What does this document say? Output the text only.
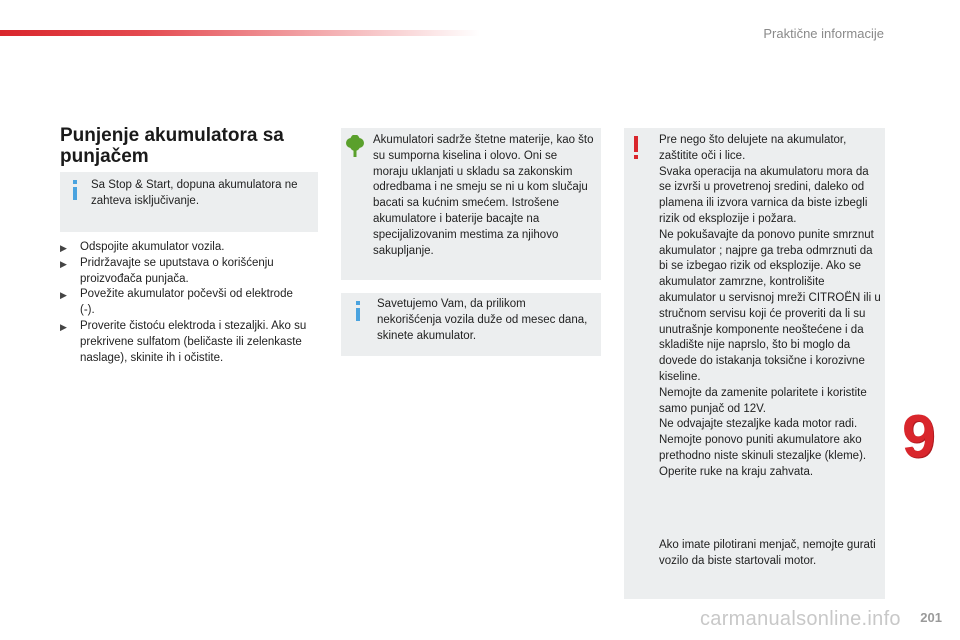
Praktične informacije
Punjenje akumulatora sa punjačem
Sa Stop & Start, dopuna akumulatora ne zahteva isključivanje.
▶ Odspojite akumulator vozila.
▶ Pridržavajte se uputstava o korišćenju proizvođača punjača.
▶ Povežite akumulator počevši od elektrode (-).
▶ Proverite čistoću elektroda i stezaljki. Ako su prekrivene sulfatom (beličaste ili zelenkaste naslage), skinite ih i očistite.
Akumulatori sadrže štetne materije, kao što su sumporna kiselina i olovo. Oni se moraju uklanjati u skladu sa zakonskim odredbama i ne smeju se ni u kom slučaju bacati sa kućnim smećem. Istrošene akumulatore i baterije bacajte na specijalizovanim mestima za njihovo sakupljanje.
Savetujemo Vam, da prilikom nekorišćenja vozila duže od mesec dana, skinete akumulator.
Pre nego što delujete na akumulator, zaštitite oči i lice.
Svaka operacija na akumulatoru mora da se izvrši u provetrenoj sredini, daleko od plamena ili izvora varnica da biste izbegli rizik od eksplozije i požara.
Ne pokušavajte da ponovo punite smrznut akumulator ; najpre ga treba odmrznuti da bi se izbegao rizik od eksplozije. Ako se akumulator zamrzne, kontrolišite akumulator u servisnoj mreži CITROËN ili u stručnom servisu koji će proveriti da li su unutrašnje komponente neoštećene i da skladište nije naprslo, što bi moglo da dovede do istakanja toksične i korozivne kiseline.
Nemojte da zamenite polaritete i koristite samo punjač od 12V.
Ne odvajajte stezaljke kada motor radi.
Nemojte ponovo puniti akumulatore ako prethodno niste skinuli stezaljke (kleme).
Operite ruke na kraju zahvata.
Ako imate pilotirani menjač, nemojte gurati vozilo da biste startovali motor.
9
carmanualsonline.info 201
